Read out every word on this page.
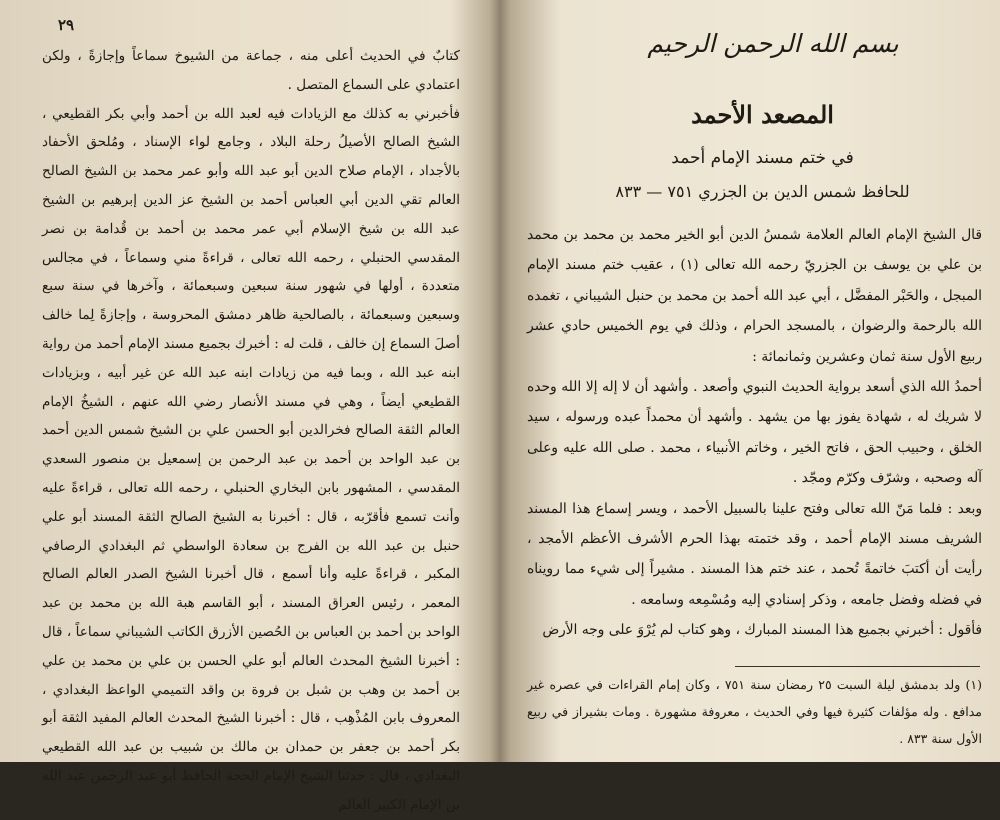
٢٩

كتابٌ في الحديث أعلى منه ، جماعة من الشيوخ سماعاً وإجازةً ، ولكن اعتمادي على السماع المتصل .

فأخبرني به كذلك مع الزيادات فيه لعبد الله بن أحمد وأبي بكر القطيعي ، الشيخ الصالح الأصيلُ رحلة البلاد ، وجامع لواء الإسناد ، ومُلحق الأحفاد بالأجداد ، الإمام صلاح الدين أبو عبد الله وأبو عمر محمد بن الشيخ الصالح العالم تقي الدين أبي العباس أحمد بن الشيخ عز الدين إبرهيم بن الشيخ عبد الله بن شيخ الإسلام أبي عمر محمد بن أحمد بن قُدامة بن نصر المقدسي الحنبلي ، رحمه الله تعالى ، قراءةً مني وسماعاً ، في مجالس متعددة ، أولها في شهور سنة سبعين وسبعمائة ، وآخرها في سنة سبع وسبعين وسبعمائة ، بالصالحية ظاهر دمشق المحروسة ، وإجازةً لِما خالف أصلَ السماع إن خالف ، قلت له : أخبرك بجميع مسند الإمام أحمد من رواية ابنه عبد الله ، وبما فيه من زيادات ابنه عبد الله عن غير أبيه ، وبزيادات القطيعي أيضاً ، وهي في مسند الأنصار رضي الله عنهم ، الشيخُ الإمام العالم الثقة الصالح فخرالدين أبو الحسن علي بن الشيخ شمس الدين أحمد بن عبد الواحد بن أحمد بن عبد الرحمن بن إسمعيل بن منصور السعدي المقدسي ، المشهور بابن البخاري الحنبلي ، رحمه الله تعالى ، قراءةً عليه وأنت تسمع فأقرّبه ، قال : أخبرنا به الشيخ الصالح الثقة المسند أبو علي حنبل بن عبد الله بن الفرج بن سعادة الواسطي ثم البغدادي الرصافي المكبر ، قراءةً عليه وأنا أسمع ، قال أخبرنا الشيخ الصدر العالم الصالح المعمر ، رئيس العراق المسند ، أبو القاسم هبة الله بن محمد بن عبد الواحد بن أحمد بن العباس بن الحُصين الأزرق الكاتب الشيباني سماعاً ، قال : أخبرنا الشيخ المحدث العالم أبو علي الحسن بن علي بن محمد بن علي بن أحمد بن وهب بن شبل بن فروة بن واقد التميمي الواعظ البغدادي ، المعروف بابن المُذْهِب ، قال : أخبرنا الشيخ المحدث العالم المفيد الثقة أبو بكر أحمد بن جعفر بن حمدان بن مالك بن شبيب بن عبد الله القطيعي البغدادي ، قال : حدثنا الشيخ الإمام الحجة الحافظ أبو عبد الرحمن عبد الله بن الإمام الكبير العالم

بسم الله الرحمن الرحيم
المصعد الأحمد
في ختم مسند الإمام أحمد
للحافظ شمس الدين بن الجزري ٧٥١ — ٨٣٣

قال الشيخ الإمام العالم العلامة شمسُ الدين أبو الخير محمد بن محمد بن محمد بن علي بن يوسف بن الجزريّ رحمه الله تعالى (١) ، عقيب ختم مسند الإمام المبجل ، والحَبْر المفضَّل ، أبي عبد الله أحمد بن محمد بن حنبل الشيباني ، تغمده الله بالرحمة والرضوان ، بالمسجد الحرام ، وذلك في يوم الخميس حادي عشر ربيع الأول سنة ثمان وعشرين وثمانمائة :

أحمدُ الله الذي أسعد برواية الحديث النبوي وأصعد . وأشهد أن لا إله إلا الله وحده لا شريك له ، شهادة يفوز بها من يشهد . وأشهد أن محمداً عبده ورسوله ، سيد الخلق ، وحبيب الحق ، فاتح الخير ، وخاتم الأنبياء ، محمد . صلى الله عليه وعلى آله وصحبه ، وشرّف وكرّم ومجّد .

وبعد : فلما مَنّ الله تعالى وفتح علينا بالسبيل الأحمد ، ويسر إسماع هذا المسند الشريف مسند الإمام أحمد ، وقد ختمته بهذا الحرم الأشرف الأعظم الأمجد ، رأيت أن أكتبَ خاتمةً تُحمد ، عند ختم هذا المسند . مشيراً إلى شيء مما رويناه في فضله وفضل جامعه ، وذكر إسنادي إليه ومُسْمِعه وسامعه .

فأقول : أخبرني بجميع هذا المسند المبارك ، وهو كتاب لم يُرْوَ على وجه الأرض

(١) ولد بدمشق ليلة السبت ٢٥ رمضان سنة ٧٥١ ، وكان إمام القراءات في عصره غير مدافع . وله مؤلفات كثيرة فيها وفي الحديث ، معروفة مشهورة . ومات بشيراز في ربيع الأول سنة ٨٣٣ .
